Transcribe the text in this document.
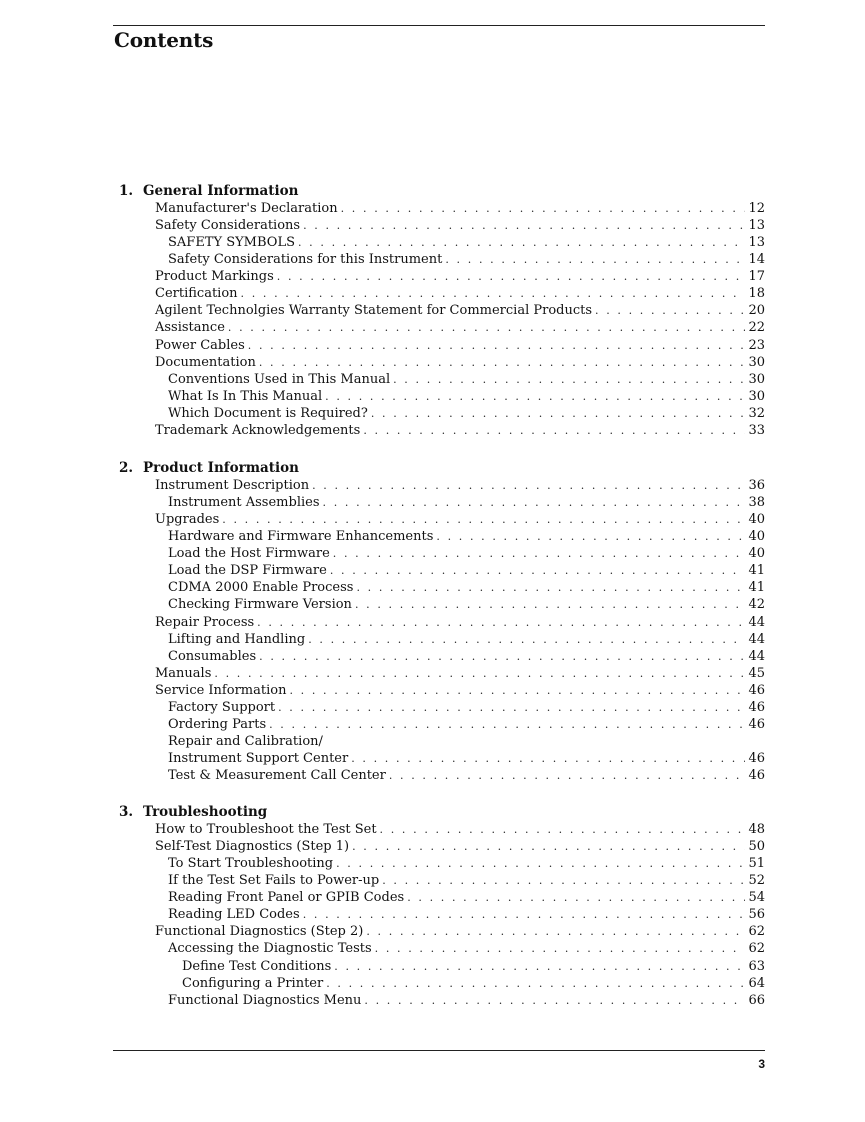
Contents
1. General Information
Manufacturer's Declaration . . .	12
Safety Considerations . . .	13
SAFETY SYMBOLS . . .	13
Safety Considerations for this Instrument . . .	14
Product Markings . . .	17
Certification . . .	18
Agilent Technolgies Warranty Statement for Commercial Products . . .	20
Assistance . . .	22
Power Cables . . .	23
Documentation . . .	30
Conventions Used in This Manual . . .	30
What Is In This Manual . . .	30
Which Document is Required? . . .	32
Trademark Acknowledgements . . .	33
2. Product Information
Instrument Description . . .	36
Instrument Assemblies . . .	38
Upgrades . . .	40
Hardware and Firmware Enhancements . . .	40
Load the Host Firmware . . .	40
Load the DSP Firmware . . .	41
CDMA 2000 Enable Process . . .	41
Checking Firmware Version . . .	42
Repair Process . . .	44
Lifting and Handling . . .	44
Consumables . . .	44
Manuals . . .	45
Service Information . . .	46
Factory Support . . .	46
Ordering Parts . . .	46
Repair and Calibration/
Instrument Support Center . . .	46
Test & Measurement Call Center . . .	46
3. Troubleshooting
How to Troubleshoot the Test Set . . .	48
Self-Test Diagnostics (Step 1) . . .	50
To Start Troubleshooting . . .	51
If the Test Set Fails to Power-up . . .	52
Reading Front Panel or GPIB Codes . . .	54
Reading LED Codes . . .	56
Functional Diagnostics (Step 2) . . .	62
Accessing the Diagnostic Tests . . .	62
Define Test Conditions . . .	63
Configuring a Printer . . .	64
Functional Diagnostics Menu . . .	66
3
